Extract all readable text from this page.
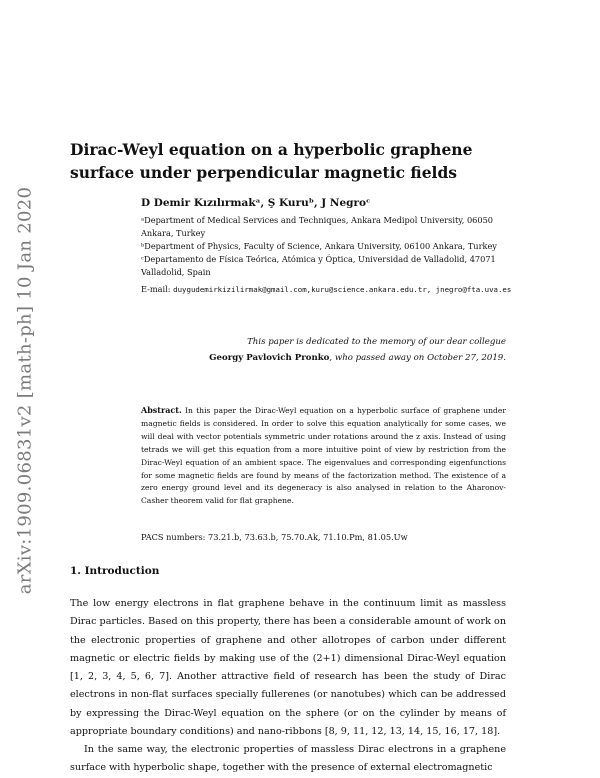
arXiv:1909.06831v2 [math-ph] 10 Jan 2020
Dirac-Weyl equation on a hyperbolic graphene surface under perpendicular magnetic fields
D Demir Kızılırmakᵃ, Ş Kuruᵇ, J Negroᶜ
ᵃDepartment of Medical Services and Techniques, Ankara Medipol University, 06050 Ankara, Turkey
ᵇDepartment of Physics, Faculty of Science, Ankara University, 06100 Ankara, Turkey
ᶜDepartamento de Física Teórica, Atómica y Óptica, Universidad de Valladolid, 47071 Valladolid, Spain
E-mail: duygudemirkizilirmak@gmail.com,kuru@science.ankara.edu.tr, jnegro@fta.uva.es
This paper is dedicated to the memory of our dear collegue
Georgy Pavlovich Pronko, who passed away on October 27, 2019.

Abstract. In this paper the Dirac-Weyl equation on a hyperbolic surface of graphene under magnetic fields is considered. In order to solve this equation analytically for some cases, we will deal with vector potentials symmetric under rotations around the z axis. Instead of using tetrads we will get this equation from a more intuitive point of view by restriction from the Dirac-Weyl equation of an ambient space. The eigenvalues and corresponding eigenfunctions for some magnetic fields are found by means of the factorization method. The existence of a zero energy ground level and its degeneracy is also analysed in relation to the Aharonov-Casher theorem valid for flat graphene.

PACS numbers: 73.21.b, 73.63.b, 75.70.Ak, 71.10.Pm, 81.05.Uw
1. Introduction

The low energy electrons in flat graphene behave in the continuum limit as massless Dirac particles. Based on this property, there has been a considerable amount of work on the electronic properties of graphene and other allotropes of carbon under different magnetic or electric fields by making use of the (2+1) dimensional Dirac-Weyl equation [1, 2, 3, 4, 5, 6, 7]. Another attractive field of research has been the study of Dirac electrons in non-flat surfaces specially fullerenes (or nanotubes) which can be addressed by expressing the Dirac-Weyl equation on the sphere (or on the cylinder by means of appropriate boundary conditions) and nano-ribbons [8, 9, 11, 12, 13, 14, 15, 16, 17, 18].

In the same way, the electronic properties of massless Dirac electrons in a graphene surface with hyperbolic shape, together with the presence of external electromagnetic
